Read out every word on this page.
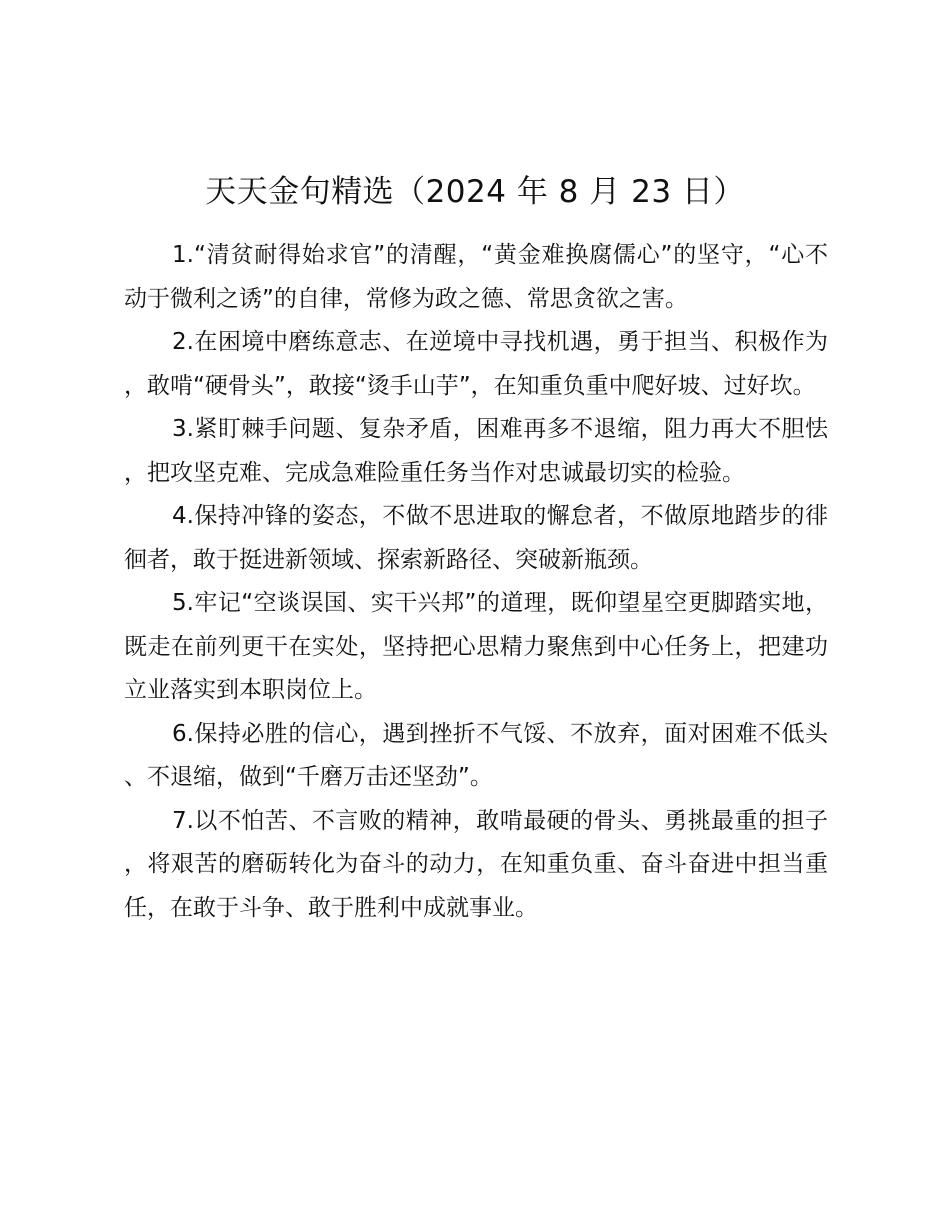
天天金句精选（2024 年 8 月 23 日）

1.“清贫耐得始求官”的清醒，“黄金难换腐儒心”的坚守，“心不动于微利之诱”的自律，常修为政之德、常思贪欲之害。

2.在困境中磨练意志、在逆境中寻找机遇，勇于担当、积极作为，敢啃“硬骨头”，敢接“烫手山芋”，在知重负重中爬好坡、过好坎。

3.紧盯棘手问题、复杂矛盾，困难再多不退缩，阻力再大不胆怯，把攻坚克难、完成急难险重任务当作对忠诚最切实的检验。

4.保持冲锋的姿态，不做不思进取的懈怠者，不做原地踏步的徘徊者，敢于挺进新领域、探索新路径、突破新瓶颈。

5.牢记“空谈误国、实干兴邦”的道理，既仰望星空更脚踏实地，既走在前列更干在实处，坚持把心思精力聚焦到中心任务上，把建功立业落实到本职岗位上。

6.保持必胜的信心，遇到挫折不气馁、不放弃，面对困难不低头、不退缩，做到“千磨万击还坚劲”。

7.以不怕苦、不言败的精神，敢啃最硬的骨头、勇挑最重的担子，将艰苦的磨砺转化为奋斗的动力，在知重负重、奋斗奋进中担当重任，在敢于斗争、敢于胜利中成就事业。
